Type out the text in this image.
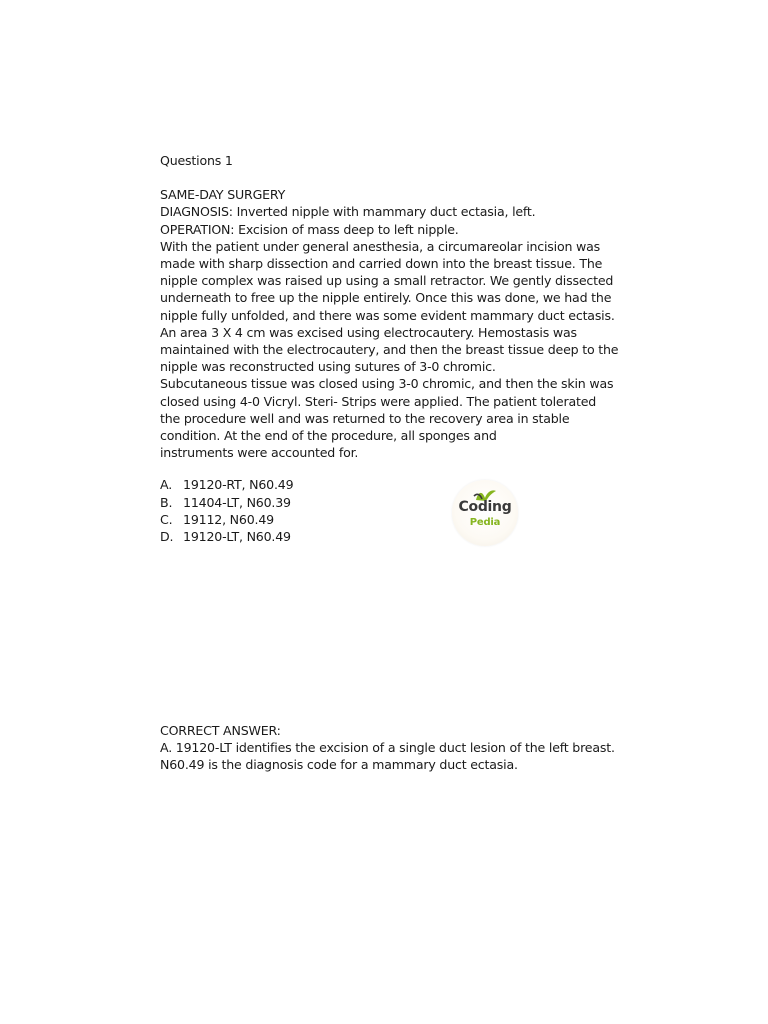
Questions 1
SAME-DAY SURGERY
DIAGNOSIS: Inverted nipple with mammary duct ectasia, left.
OPERATION: Excision of mass deep to left nipple.
With the patient under general anesthesia, a circumareolar incision was
made with sharp dissection and carried down into the breast tissue. The
nipple complex was raised up using a small retractor. We gently dissected
underneath to free up the nipple entirely. Once this was done, we had the
nipple fully unfolded, and there was some evident mammary duct ectasis.
An area 3 X 4 cm was excised using electrocautery. Hemostasis was
maintained with the electrocautery, and then the breast tissue deep to the
nipple was reconstructed using sutures of 3-0 chromic.
Subcutaneous tissue was closed using 3-0 chromic, and then the skin was
closed using 4-0 Vicryl. Steri- Strips were applied. The patient tolerated
the procedure well and was returned to the recovery area in stable
condition. At the end of the procedure, all sponges and
instruments were accounted for.
A. 19120-RT, N60.49
B. 11404-LT, N60.39
C. 19112, N60.49
D. 19120-LT, N60.49
Coding
Pedia
CORRECT ANSWER:
A. 19120-LT identifies the excision of a single duct lesion of the left breast.
N60.49 is the diagnosis code for a mammary duct ectasia.
